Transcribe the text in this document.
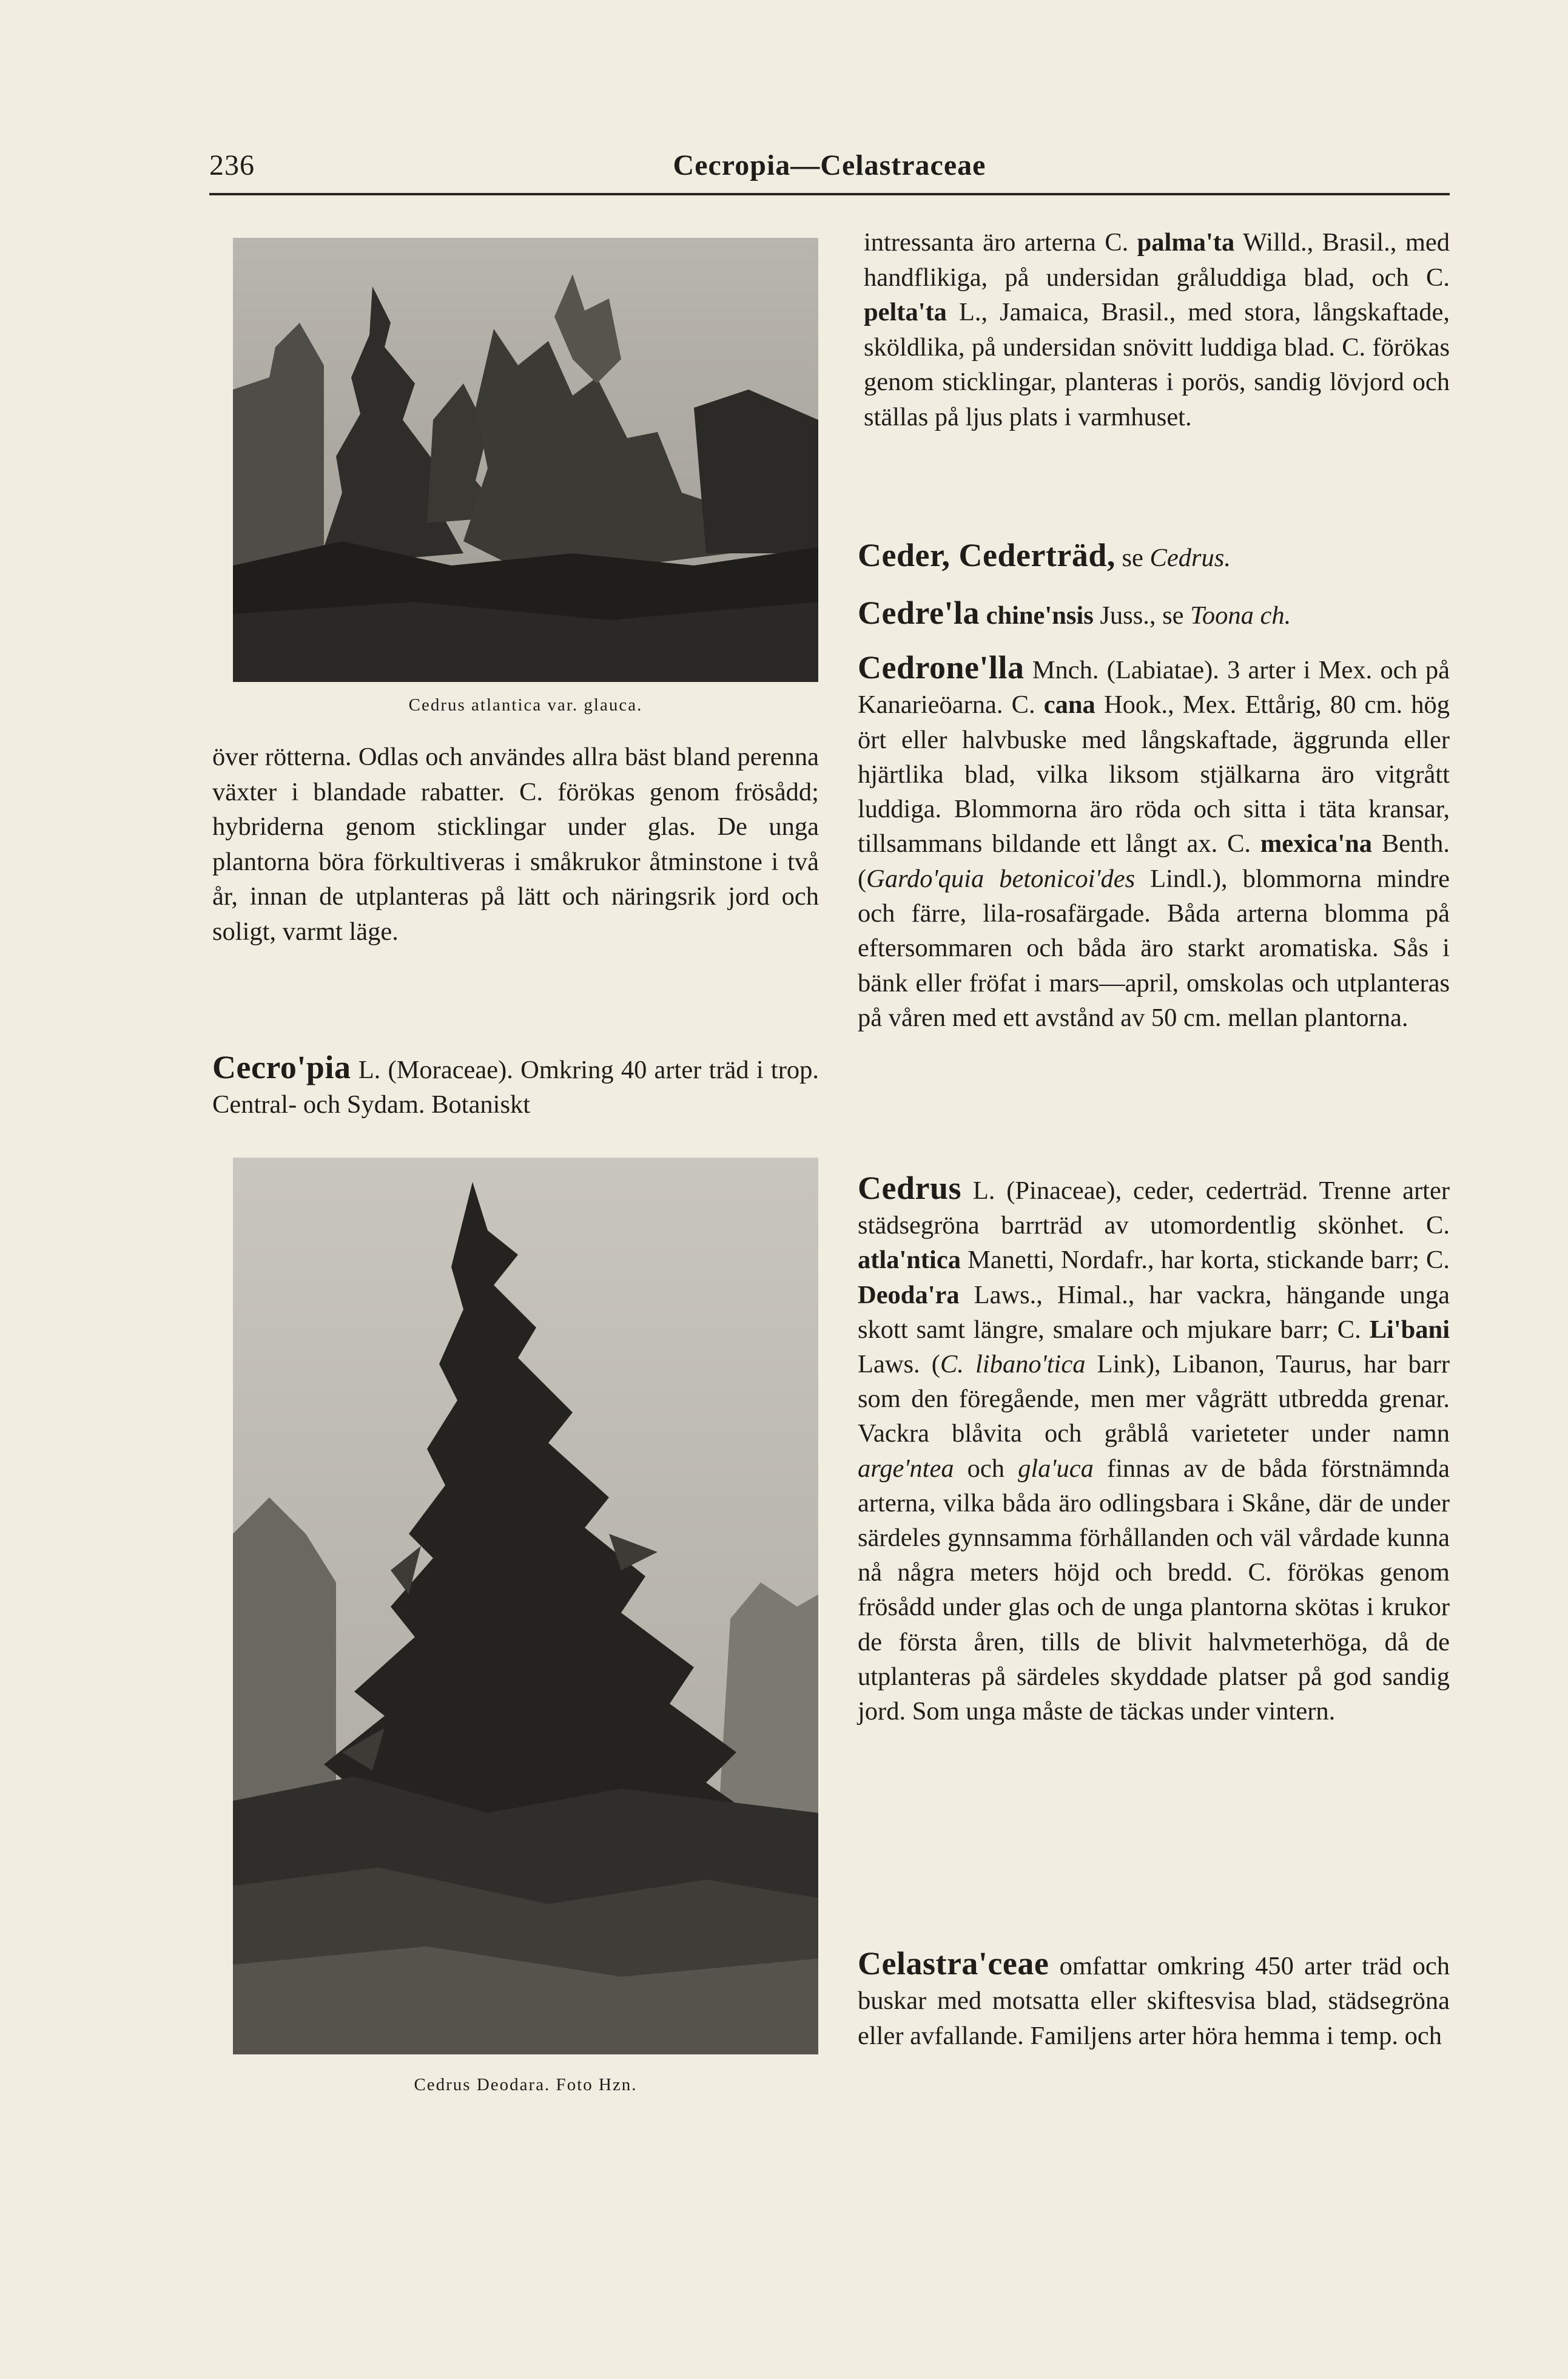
236	Cecropia—Celastraceae
Cedrus atlantica var. glauca.

över rötterna. Odlas och användes allra bäst bland perenna växter i blandade rabatter. C. förökas genom frösådd; hybriderna genom sticklingar under glas. De unga plantorna böra förkultiveras i småkrukor åtminstone i två år, innan de utplanteras på lätt och näringsrik jord och soligt, varmt läge.

Cecro'pia L. (Moraceae). Omkring 40 arter träd i trop. Central- och Sydam. Botaniskt

Cedrus Deodara. Foto Hzn.

intressanta äro arterna C. palma'ta Willd., Brasil., med handflikiga, på undersidan gråluddiga blad, och C. pelta'ta L., Jamaica, Brasil., med stora, långskaftade, sköldlika, på undersidan snövitt luddiga blad. C. förökas genom sticklingar, planteras i porös, sandig lövjord och ställas på ljus plats i varmhuset.

Ceder, Cederträd, se Cedrus.

Cedre'la chine'nsis Juss., se Toona ch.

Cedrone'lla Mnch. (Labiatae). 3 arter i Mex. och på Kanarieöarna. C. cana Hook., Mex. Ettårig, 80 cm. hög ört eller halvbuske med långskaftade, äggrunda eller hjärtlika blad, vilka liksom stjälkarna äro vitgrått luddiga. Blommorna äro röda och sitta i täta kransar, tillsammans bildande ett långt ax. C. mexica'na Benth. (Gardo'quia betonicoi'des Lindl.), blommorna mindre och färre, lila-rosafärgade. Båda arterna blomma på eftersommaren och båda äro starkt aromatiska. Sås i bänk eller fröfat i mars—april, omskolas och utplanteras på våren med ett avstånd av 50 cm. mellan plantorna.

Cedrus L. (Pinaceae), ceder, cederträd. Trenne arter städsegröna barrträd av utomordentlig skönhet. C. atla'ntica Manetti, Nordafr., har korta, stickande barr; C. Deoda'ra Laws., Himal., har vackra, hängande unga skott samt längre, smalare och mjukare barr; C. Li'bani Laws. (C. libano'tica Link), Libanon, Taurus, har barr som den föregående, men mer vågrätt utbredda grenar. Vackra blåvita och gråblå varieteter under namn arge'ntea och gla'uca finnas av de båda förstnämnda arterna, vilka båda äro odlingsbara i Skåne, där de under särdeles gynnsamma förhållanden och väl vårdade kunna nå några meters höjd och bredd. C. förökas genom frösådd under glas och de unga plantorna skötas i krukor de första åren, tills de blivit halvmeterhöga, då de utplanteras på särdeles skyddade platser på god sandig jord. Som unga måste de täckas under vintern.

Celastra'ceae omfattar omkring 450 arter träd och buskar med motsatta eller skiftesvisa blad, städsegröna eller avfallande. Familjens arter höra hemma i temp. och
